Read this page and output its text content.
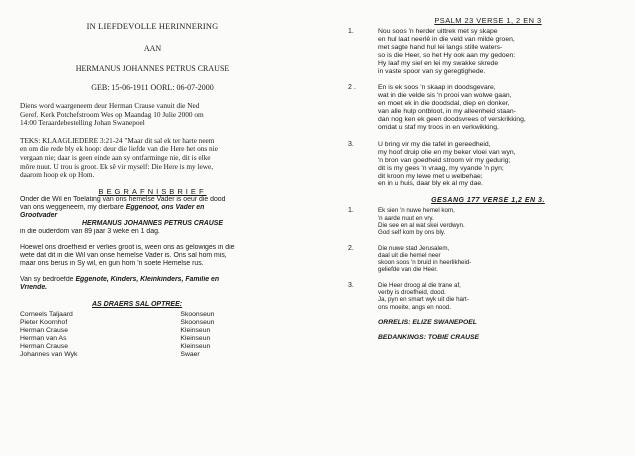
IN LIEFDEVOLLE HERINNERING
AAN
HERMANUS JOHANNES PETRUS CRAUSE
GEB: 15-06-1911 OORL: 06-07-2000
Diens word waargeneem deur Herman Crause vanuit die Ned
Geref. Kerk Potchefstroom Wes op Maandag 10 Julie 2000 om
14:00 Teraardebestelling Johan Swanepoel
TEKS: KLAAGLIEDERE 3:21-24 "Maar dit sal ek ter harte neem
en om die rede bly ek hoop: deur die liefde van die Here het ons nie
vergaan nie; daar is geen einde aan sy ontfarminge nie, dit is elke
môre nuut. U trou is groot. Ek sê vir myself: Die Here is my lewe,
daarom hoop ek op Hom.
BEGRAFNISBRIEF
Onder die Wil en Toelating van ons hemelse Vader is oeur die dood
van ons weggeneem, my dierbare Eggenoot, ons Vader en
Grootvader
HERMANUS JOHANNES PETRUS CRAUSE
in die ouderdom van 89 jaar 3 weke en 1 dag.
Hoewel ons droefheid er verlies groot is, ween ons as gelowiges in die
wete dat dit in die Wil van onse hemelse Vader is. Ons sal hom mis,
maar ons berus in Sy wil, en gun hom 'n soete Hemelse rus.
Van sy bedroefde Eggenote, Kinders, Kleinkinders, Familie en
Vriende.
AS DRAERS SAL OPTREE:
Corneels Taljaard	Skoonseun
Pieter Koornhof	Skoonseun
Herman Crause	Kleinseun
Herman van As	Kleinseun
Herman Crause	Kleinseun
Johannes van Wyk	Swaer
PSALM 23 VERSE 1, 2 EN 3
1.	Nou soos 'n herder uittrek met sy skape
en hul laat neerlê in die veld van milde groen,
met sagte hand hul lei langs stille waters-
so is die Heer, so het Hy ook aan my gedoen:
Hy laaf my siel en lei my swakke skrede
in vaste spoor van sy geregtighede.
2 .	En is ek soos 'n skaap in doodsgevare,
wat in die velde sis 'n prooi van wolwe gaan,
en moet ek in die doodsdal, diep en donker,
van alle hulp ontbloot, in my alleenheid staan-
dan nog ken ek geen doodsvrees of verskrikking,
omdat u staf my troos in en verkwikking.
3.	U bring vir my die tafel in gereedheid,
my hoof druip olie en my beker vloei van wyn,
'n bron van goedheid stroom vir my gedurig;
dit is my gees 'n vraag, my vyande 'n pyn;
dit kroon my lewe met u welbehae;
en in u huis, daar bly ek al my dae.
GESANG 177 VERSE 1,2 EN 3.
1.	Ek sien 'n nuwe hemel kom,
'n aarde nuut en vry.
Die see en al wat skei verdwyn.
God self kom by ons bly.
2.	Die nuwe stad Jerusalem,
daal uit die hemel neer
skoon soos 'n bruid in heerlikheid-
geliefde van die Heer.
3.	Die Heer droog al die trane af,
verby is droefheid, dood.
Ja, pyn en smart wyk uit die hart-
ons moeite, angs en nood.
ORRELIS: ELIZE SWANEPOEL
BEDANKINGS: TOBIE CRAUSE
